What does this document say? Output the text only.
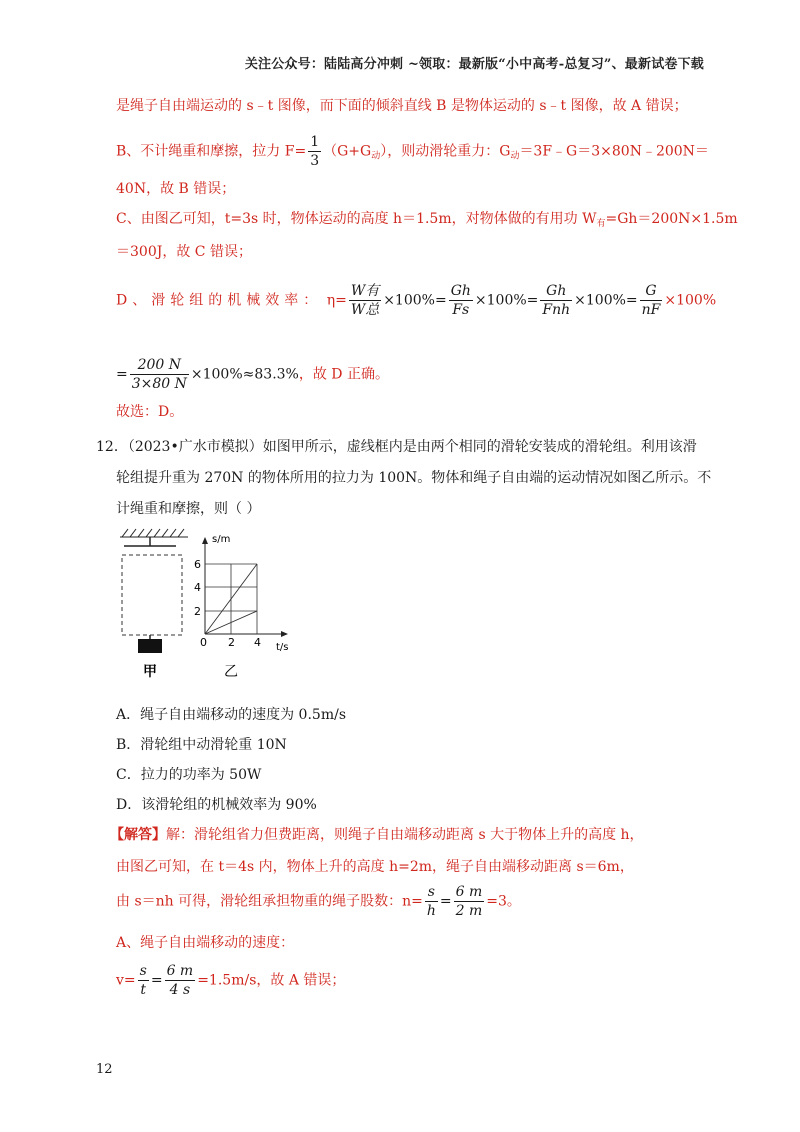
关注公众号：陆陆高分冲刺 ~领取：最新版“小中高考-总复习”、最新试卷下载
是绳子自由端运动的 s﹣t 图像，而下面的倾斜直线 B 是物体运动的 s﹣t 图像，故 A 错误；
B、不计绳重和摩擦，拉力 $F= \frac{1}{3} (G+G_动)$，则动滑轮重力：$G_动=3F﹣G=3\times 80N﹣200N=$
40N，故 B 错误；
C、由图乙可知，t=3s 时，物体运动的高度 h＝1.5m，对物体做的有用功 $W_有=Gh=200N\times 1.5m$
＝300J，故 C 错误；
D、滑轮组的机械效率： $\eta= \frac{\text{W有}}{\text{W总}} \times 100\%= \frac{Gh}{Fs} \times 100\%= \frac{Gh}{\text{Fnh}} \times 100\%= \frac{G}{nF} \times 100\%$
= $\frac{200 N}{3\times 80 N} \times 100\%\approx 83.3\%$，故 D 正确。
故选：D。
12．（2023•广水市模拟）如图甲所示，虚线框内是由两个相同的滑轮安装成的滑轮组。利用该滑
轮组提升重为 270N 的物体所用的拉力为 100N。物体和绳子自由端的运动情况如图乙所示。不
计绳重和摩擦，则（ ）
s/m
6
4
2
0 2 4 t/s
甲	乙
A．绳子自由端移动的速度为 0.5m/s
B．滑轮组中动滑轮重 10N
C．拉力的功率为 50W
D．该滑轮组的机械效率为 90%
【解答】解：滑轮组省力但费距离，则绳子自由端移动距离 s 大于物体上升的高度 h，
由图乙可知，在 t＝4s 内，物体上升的高度 h=2m，绳子自由端移动距离 s＝6m，
由 s＝nh 可得，滑轮组承担物重的绳子股数：$n= \frac{s}{h} = \frac{6 m}{2 m} =3$。
A、绳子自由端移动的速度：
$v= \frac{s}{t} = \frac{6 m}{4 s} =1.5m/s$，故 A 错误；
12
